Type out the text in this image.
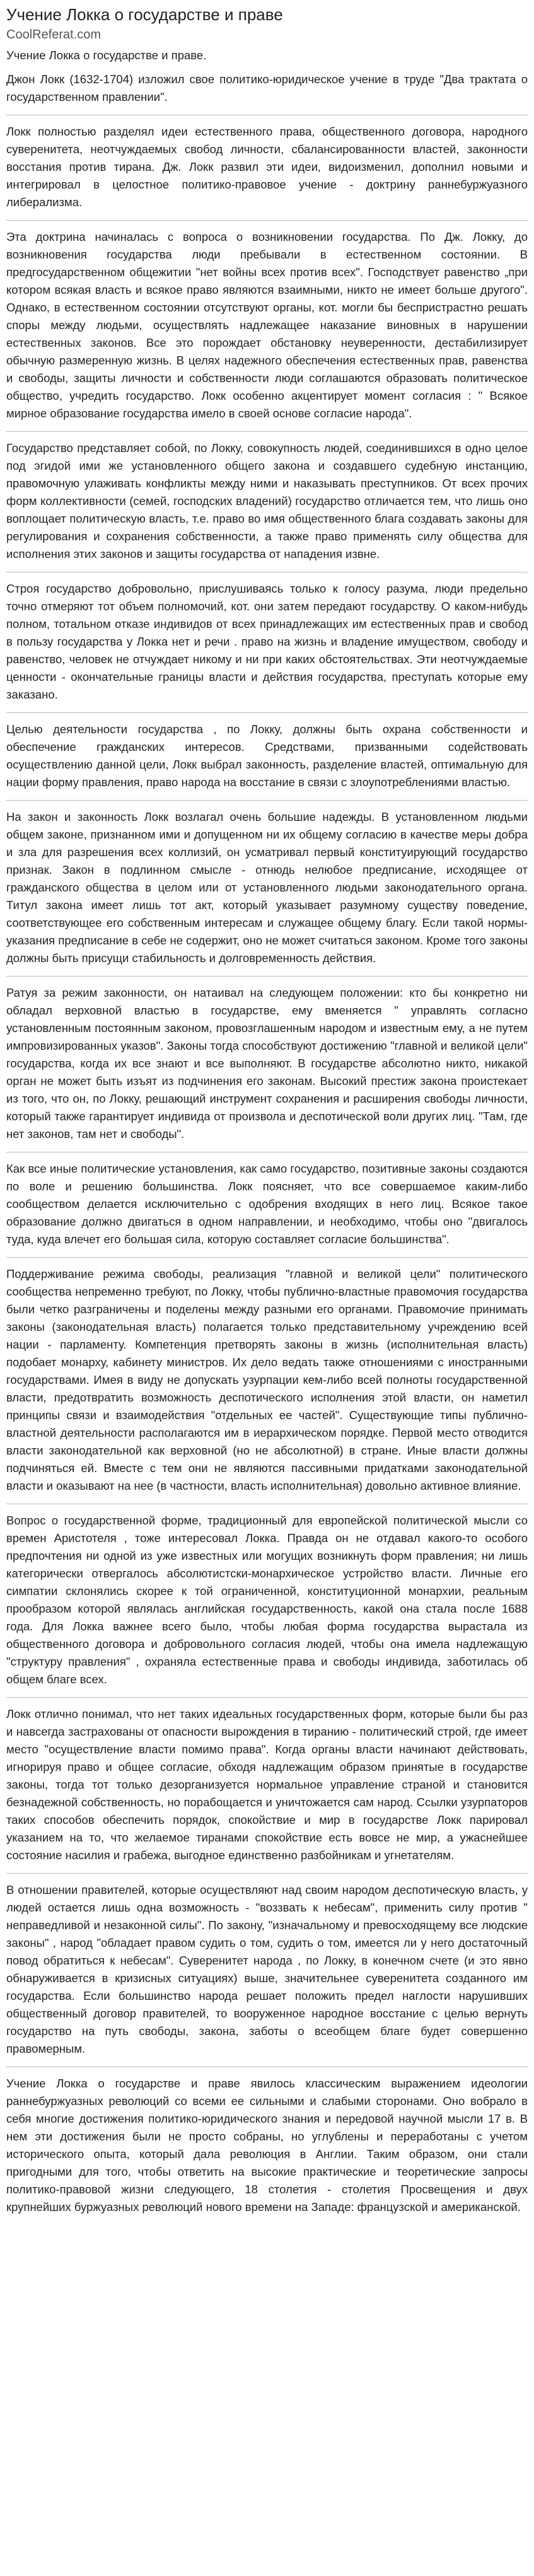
Учение Локка о государстве и праве
CoolReferat.com

Учение Локка о государстве и праве.

Джон Локк (1632-1704) изложил свое политико-юридическое учение в труде "Два трактата о государственном правлении".

Локк полностью разделял идеи естественного права, общественного договора, народного суверенитета, неотчуждаемых свобод личности, сбалансированности властей, законности восстания против тирана. Дж. Локк развил эти идеи, видоизменил, дополнил новыми и интегрировал в целостное политико-правовое учение - доктрину раннебуржуазного либерализма.
Эта доктрина начиналась с вопроса о возникновении государства. По Дж. Локку, до возникновения государства люди пребывали в естественном состоянии. В предгосударственном общежитии "нет войны всех против всех". Господствует равенство „при котором всякая власть и всякое право являются взаимными, никто не имеет больше другого". Однако, в естественном состоянии отсутствуют органы, кот. могли бы беспристрастно решать споры между людьми, осуществлять надлежащее наказание виновных в нарушении естественных законов. Все это порождает обстановку неуверенности, дестабилизирует обычную размеренную жизнь. В целях надежного обеспечения естественных прав, равенства и свободы, защиты личности и собственности люди соглашаются образовать политическое общество, учредить государство. Локк особенно акцентирует момент согласия : " Всякое мирное образование государства имело в своей основе согласие народа".
Государство представляет собой, по Локку, совокупность людей, соединившихся в одно целое под эгидой ими же установленного общего закона и создавшего судебную инстанцию, правомочную улаживать конфликты между ними и наказывать преступников. От всех прочих форм коллективности (семей, господских владений) государство отличается тем, что лишь оно воплощает политическую власть, т.е. право во имя общественного блага создавать законы для регулирования и сохранения собственности, а также право применять силу общества для исполнения этих законов и защиты государства от нападения извне.
Строя государство добровольно, прислушиваясь только к голосу разума, люди предельно точно отмеряют тот объем полномочий, кот. они затем передают государству. О каком-нибудь полном, тотальном отказе индивидов от всех принадлежащих им естественных прав и свобод в пользу государства у Локка нет и речи . право на жизнь и владение имуществом, свободу и равенство, человек не отчуждает никому и ни при каких обстоятельствах. Эти неотчуждаемые ценности - окончательные границы власти и действия государства, преступать которые ему заказано.
Целью деятельности государства , по Локку, должны быть охрана собственности и обеспечение гражданских интересов. Средствами, призванными содействовать осуществлению данной цели, Локк выбрал законность, разделение властей, оптимальную для нации форму правления, право народа на восстание в связи с злоупотреблениями властью.
На закон и законность Локк возлагал очень большие надежды. В установленном людьми общем законе, признанном ими и допущенном ни их общему согласию в качестве меры добра и зла для разрешения всех коллизий, он усматривал первый конституирующий государство признак. Закон в подлинном смысле - отнюдь нелюбое предписание, исходящее от гражданского общества в целом или от установленного людьми законодательного органа. Титул закона имеет лишь тот акт, который указывает разумному существу поведение, соответствующее его собственным интересам и служащее общему благу. Если такой нормы-указания предписание в себе не содержит, оно не может считаться законом. Кроме того законы должны быть присущи стабильность и долговременность действия.
Ратуя за режим законности, он натаивал на следующем положении: кто бы конкретно ни обладал верховной властью в государстве, ему вменяется " управлять согласно установленным постоянным законом, провозглашенным народом и известным ему, а не путем импровизированных указов". Законы тогда способствуют достижению "главной и великой цели" государства, когда их все знают и все выполняют. В государстве абсолютно никто, никакой орган не может быть изъят из подчинения его законам. Высокий престиж закона проистекает из того, что он, по Локку, решающий инструмент сохранения и расширения свободы личности, который также гарантирует индивида от произвола и деспотической воли других лиц. "Там, где нет законов, там нет и свободы".
Как все иные политические установления, как само государство, позитивные законы создаются по воле и решению большинства. Локк поясняет, что все совершаемое каким-либо сообществом делается исключительно с одобрения входящих в него лиц. Всякое такое образование должно двигаться в одном направлении, и необходимо, чтобы оно "двигалось туда, куда влечет его большая сила, которую составляет согласие большинства".
Поддерживание режима свободы, реализация "главной и великой цели" политического сообщества непременно требуют, по Локку, чтобы публично-властные правомочия государства были четко разграничены и поделены между разными его органами. Правомочие принимать законы (законодательная власть) полагается только представительному учреждению всей нации - парламенту. Компетенция претворять законы в жизнь (исполнительная власть) подобает монарху, кабинету министров. Их дело ведать также отношениями с иностранными государствами. Имея в виду не допускать узурпации кем-либо всей полноты государственной власти, предотвратить возможность деспотического исполнения этой власти, он наметил принципы связи и взаимодействия "отдельных ее частей". Существующие типы публично-властной деятельности располагаются им в иерархическом порядке. Первой место отводится власти законодательной как верховной (но не абсолютной) в стране. Иные власти должны подчиняться ей. Вместе с тем они не являются пассивными придатками законодательной власти и оказывают на нее (в частности, власть исполнительная) довольно активное влияние.
Вопрос о государственной форме, традиционный для европейской политической мысли со времен Аристотеля , тоже интересовал Локка. Правда он не отдавал какого-то особого предпочтения ни одной из уже известных или могущих возникнуть форм правления; ни лишь категорически отвергалось абсолютистски-монархическое устройство власти. Личные его симпатии склонялись скорее к той ограниченной, конституционной монархии, реальным прообразом которой являлась английская государственность, какой она стала после 1688 года. Для Локка важнее всего было, чтобы любая форма государства вырастала из общественного договора и добровольного согласия людей, чтобы она имела надлежащую "структуру правления" , охраняла естественные права и свободы индивида, заботилась об общем благе всех.
Локк отлично понимал, что нет таких идеальных государственных форм, которые были бы раз и навсегда застрахованы от опасности вырождения в тиранию - политический строй, где имеет место "осуществление власти помимо права". Когда органы власти начинают действовать, игнорируя право и общее согласие, обходя надлежащим образом принятые в государстве законы, тогда тот только дезорганизуется нормальное управление страной и становится безнадежной собственность, но порабощается и уничтожается сам народ. Ссылки узурпаторов таких способов обеспечить порядок, спокойствие и мир в государстве Локк парировал указанием на то, что желаемое тиранами спокойствие есть вовсе не мир, а ужаснейшее состояние насилия и грабежа, выгодное единственно разбойникам и угнетателям.
В отношении правителей, которые осуществляют над своим народом деспотическую власть, у людей остается лишь одна возможность - "воззвать к небесам", применить силу против " неправедливой и незаконной силы". По закону, "изначальному и превосходящему все людские законы" , народ "обладает правом судить о том, судить о том, имеется ли у него достаточный повод обратиться к небесам". Суверенитет народа , по Локку, в конечном счете (и это явно обнаруживается в кризисных ситуациях) выше, значительнее суверенитета созданного им государства. Если большинство народа решает положить предел наглости нарушивших общественный договор правителей, то вооруженное народное восстание с целью вернуть государство на путь свободы, закона, заботы о всеобщем благе будет совершенно правомерным.
Учение Локка о государстве и праве явилось классическим выражением идеологии раннебуржуазных революций со всеми ее сильными и слабыми сторонами. Оно вобрало в себя многие достижения политико-юридического знания и передовой научной мысли 17 в. В нем эти достижения были не просто собраны, но углублены и переработаны с учетом исторического опыта, который дала революция в Англии. Таким образом, они стали пригодными для того, чтобы ответить на высокие практические и теоретические запросы политико-правовой жизни следующего, 18 столетия - столетия Просвещения и двух крупнейших буржуазных революций нового времени на Западе: французской и американской.
